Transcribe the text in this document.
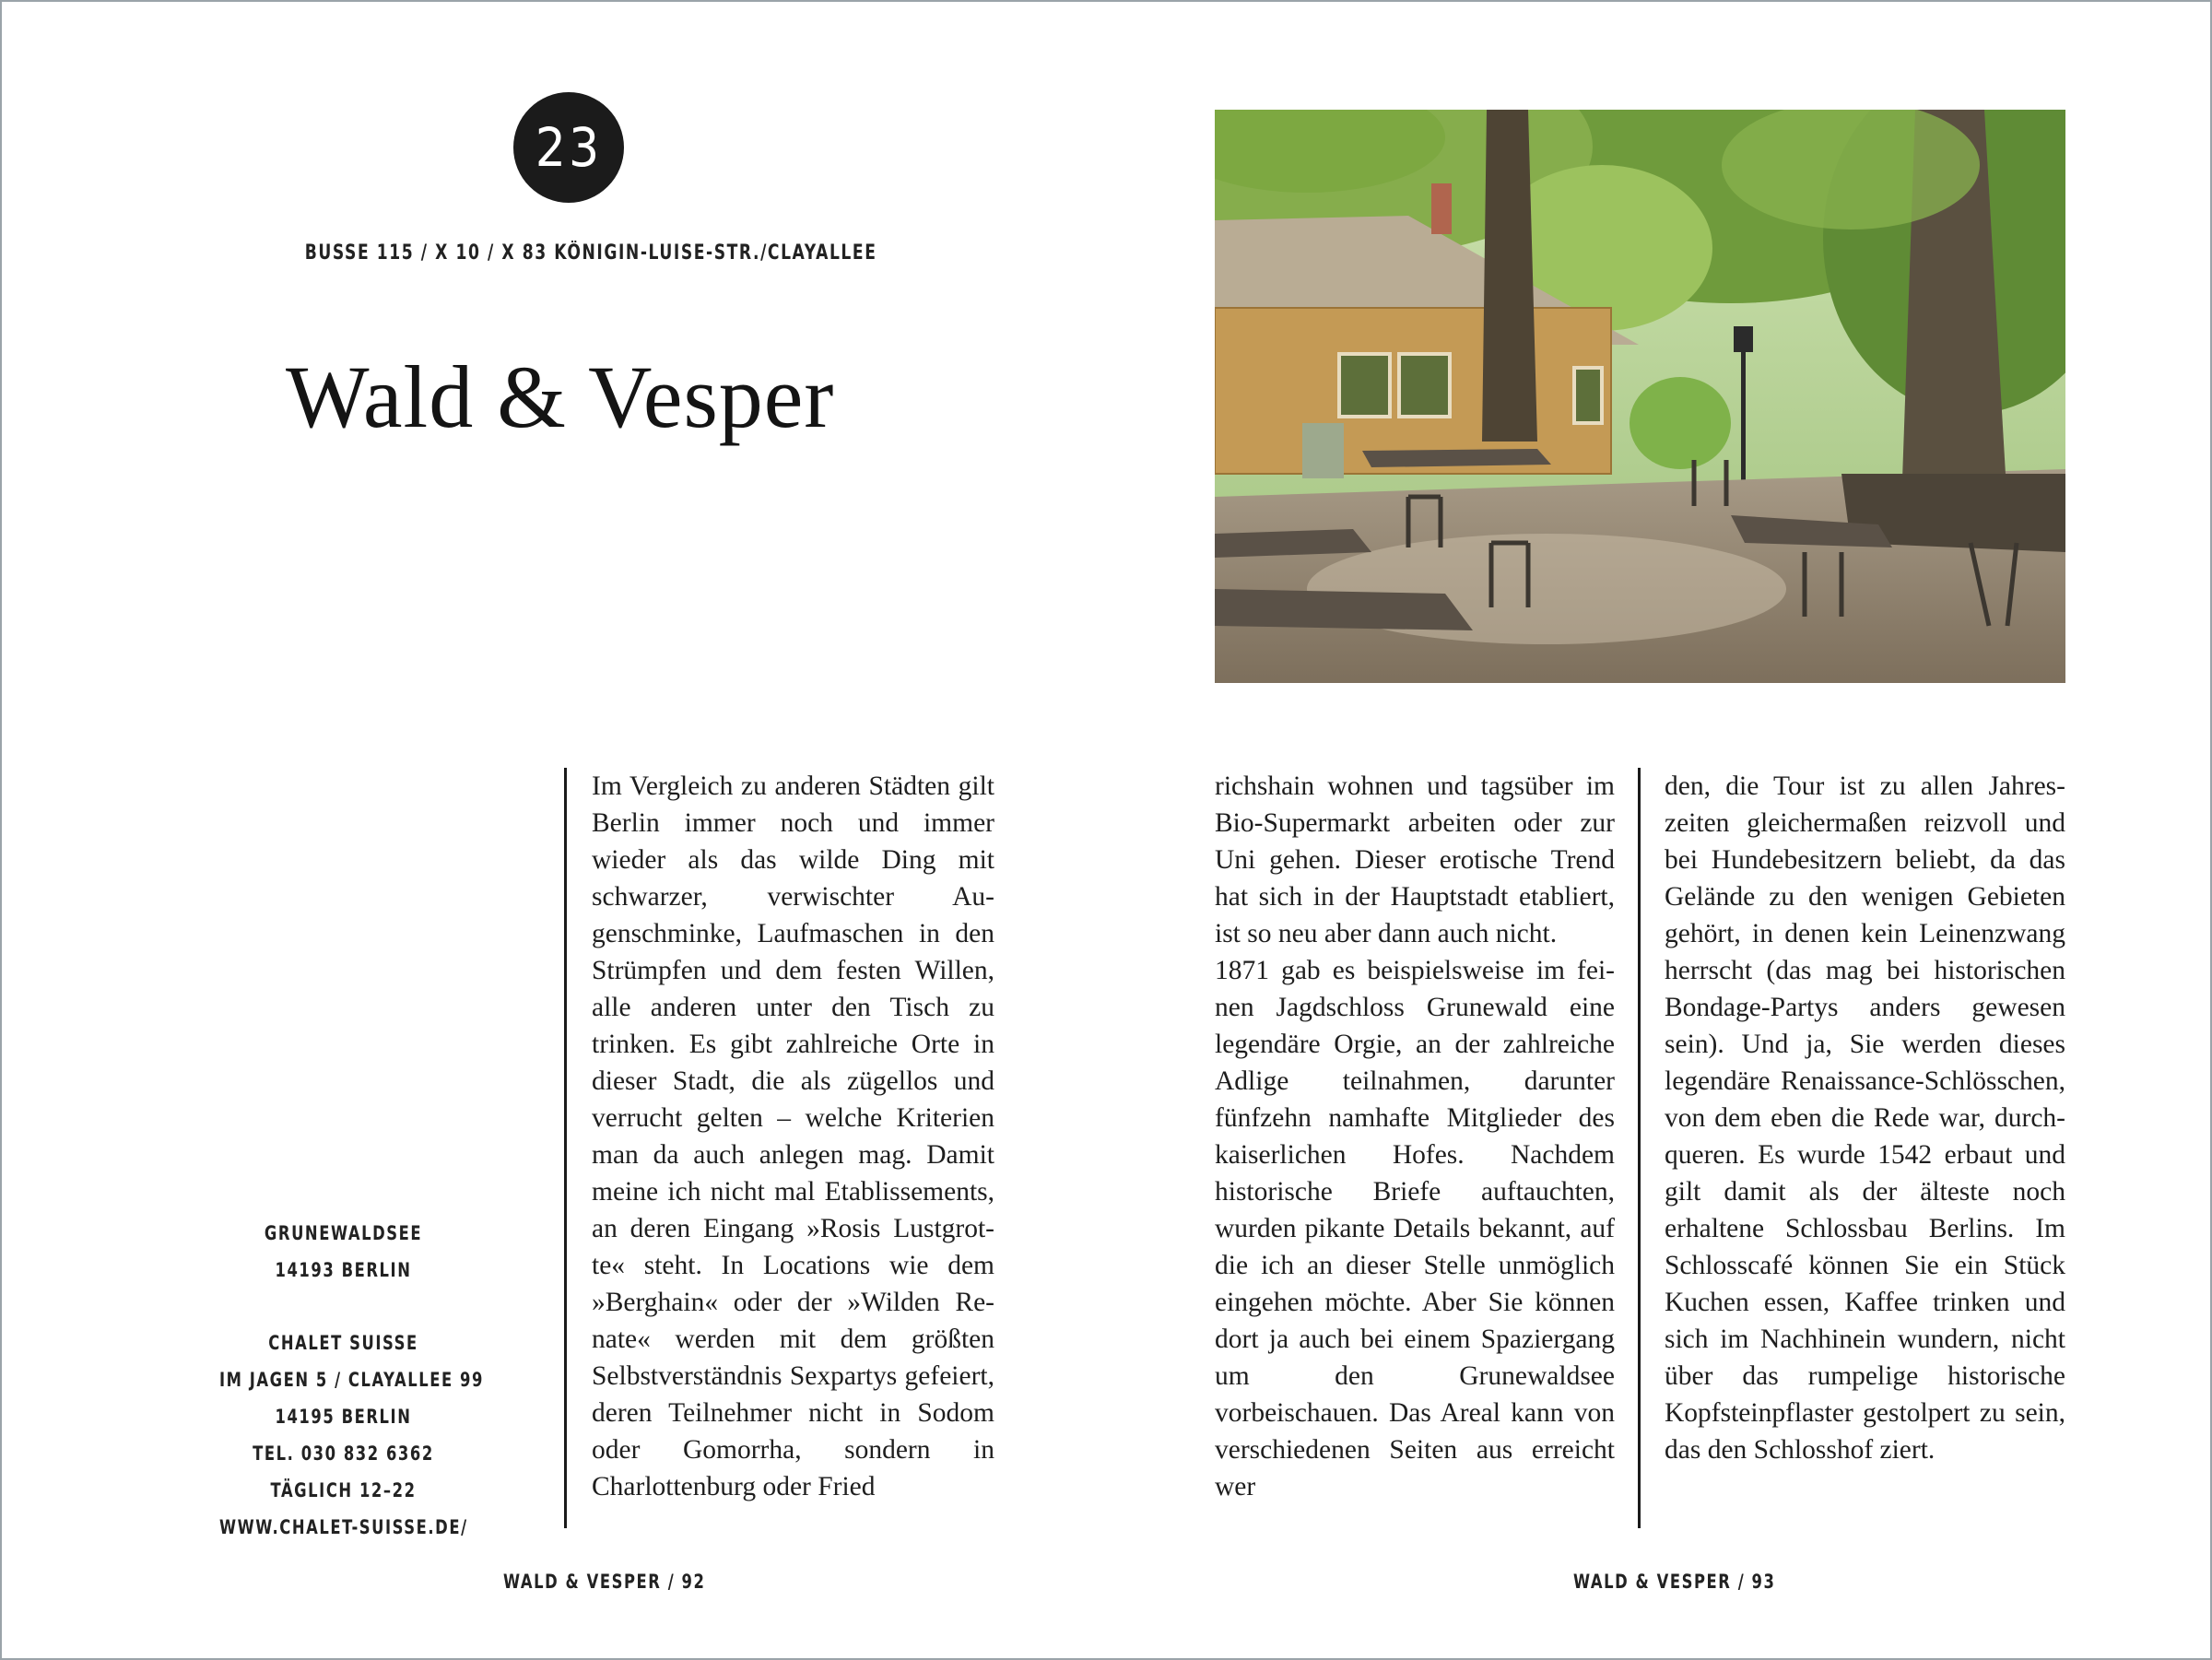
23
BUSSE 115 / X 10 / X 83 KÖNIGIN-LUISE-STR./CLAYALLEE
Wald & Vesper
GRUNEWALDSEE
14193 BERLIN
CHALET SUISSE
IM JAGEN 5 / CLAYALLEE 99
14195 BERLIN
TEL. 030 832 6362
TÄGLICH 12–22
WWW.CHALET-SUISSE.DE/

Im Vergleich zu anderen Städten gilt Berlin immer noch und immer wieder als das wilde Ding mit schwarzer, verwischter Augenschminke, Laufmaschen in den Strümpfen und dem festen Willen, alle anderen unter den Tisch zu trinken. Es gibt zahlreiche Orte in dieser Stadt, die als zügellos und verrucht gelten – welche Kriterien man da auch anlegen mag. Damit meine ich nicht mal Etablissements, an deren Eingang »Rosis Lustgrotte« steht. In Locations wie dem »Berghain« oder der »Wilden Renate« werden mit dem größten Selbstverständnis Sexpartys gefeiert, deren Teilnehmer nicht in Sodom oder Gomorrha, sondern in Charlottenburg oder Fried

WALD & VESPER / 92

richshain wohnen und tagsüber im Bio-Supermarkt arbeiten oder zur Uni gehen. Dieser erotische Trend hat sich in der Hauptstadt etabliert, ist so neu aber dann auch nicht.

1871 gab es beispielsweise im feinen Jagdschloss Grunewald eine legendäre Orgie, an der zahlreiche Adlige teilnahmen, darunter fünfzehn namhafte Mitglieder des kaiserlichen Hofes. Nachdem historische Briefe auftauchten, wurden pikante Details bekannt, auf die ich an dieser Stelle unmöglich eingehen möchte. Aber Sie können dort ja auch bei einem Spaziergang um den Grunewaldsee vorbeischauen. Das Areal kann von verschiedenen Seiten aus erreicht wer

den, die Tour ist zu allen Jahreszeiten gleichermaßen reizvoll und bei Hundebesitzern beliebt, da das Gelände zu den wenigen Gebieten gehört, in denen kein Leinenzwang herrscht (das mag bei historischen Bondage-Partys anders gewesen sein). Und ja, Sie werden dieses legendäre Renaissance-Schlösschen, von dem eben die Rede war, durchqueren. Es wurde 1542 erbaut und gilt damit als der älteste noch erhaltene Schlossbau Berlins. Im Schlosscafé können Sie ein Stück Kuchen essen, Kaffee trinken und sich im Nachhinein wundern, nicht über das rumpelige historische Kopfsteinpflaster gestolpert zu sein, das den Schlosshof ziert.

WALD & VESPER / 93
